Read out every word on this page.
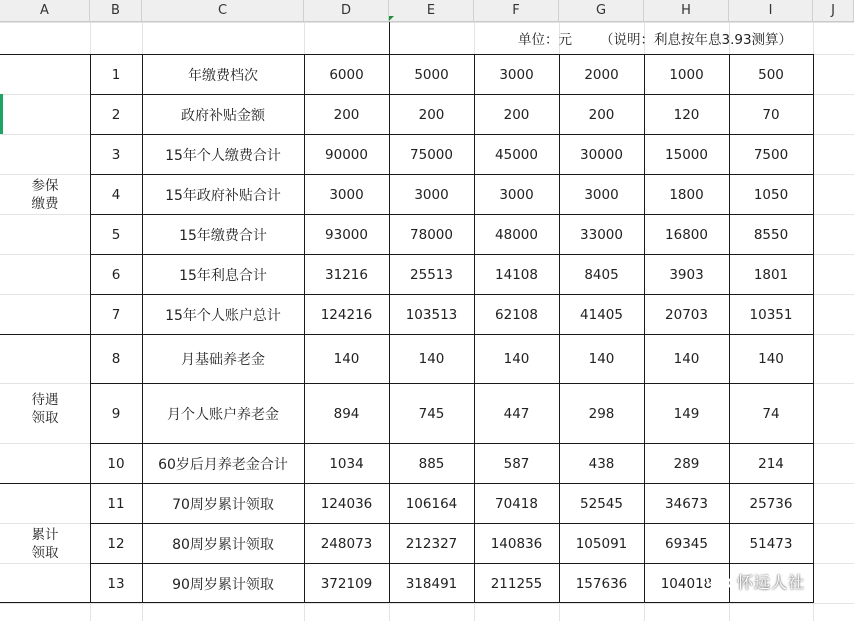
A	B	C	D	E	F	G	H	I	J
单位：元	（说明：利息按年息3.93测算）
参保
缴费
待遇
领取
累计
领取
1	年缴费档次	6000	5000	3000	2000	1000	500
2	政府补贴金额	200	200	200	200	120	70
3	15年个人缴费合计	90000	75000	45000	30000	15000	7500
4	15年政府补贴合计	3000	3000	3000	3000	1800	1050
5	15年缴费合计	93000	78000	48000	33000	16800	8550
6	15年利息合计	31216	25513	14108	8405	3903	1801
7	15年个人账户总计	124216	103513	62108	41405	20703	10351
8	月基础养老金	140	140	140	140	140	140
9	月个人账户养老金	894	745	447	298	149	74
10	60岁后月养老金合计	1034	885	587	438	289	214
11	70周岁累计领取	124036	106164	70418	52545	34673	25736
12	80周岁累计领取	248073	212327	140836	105091	69345	51473
13	90周岁累计领取	372109	318491	211255	157636	104018	怀远人社
